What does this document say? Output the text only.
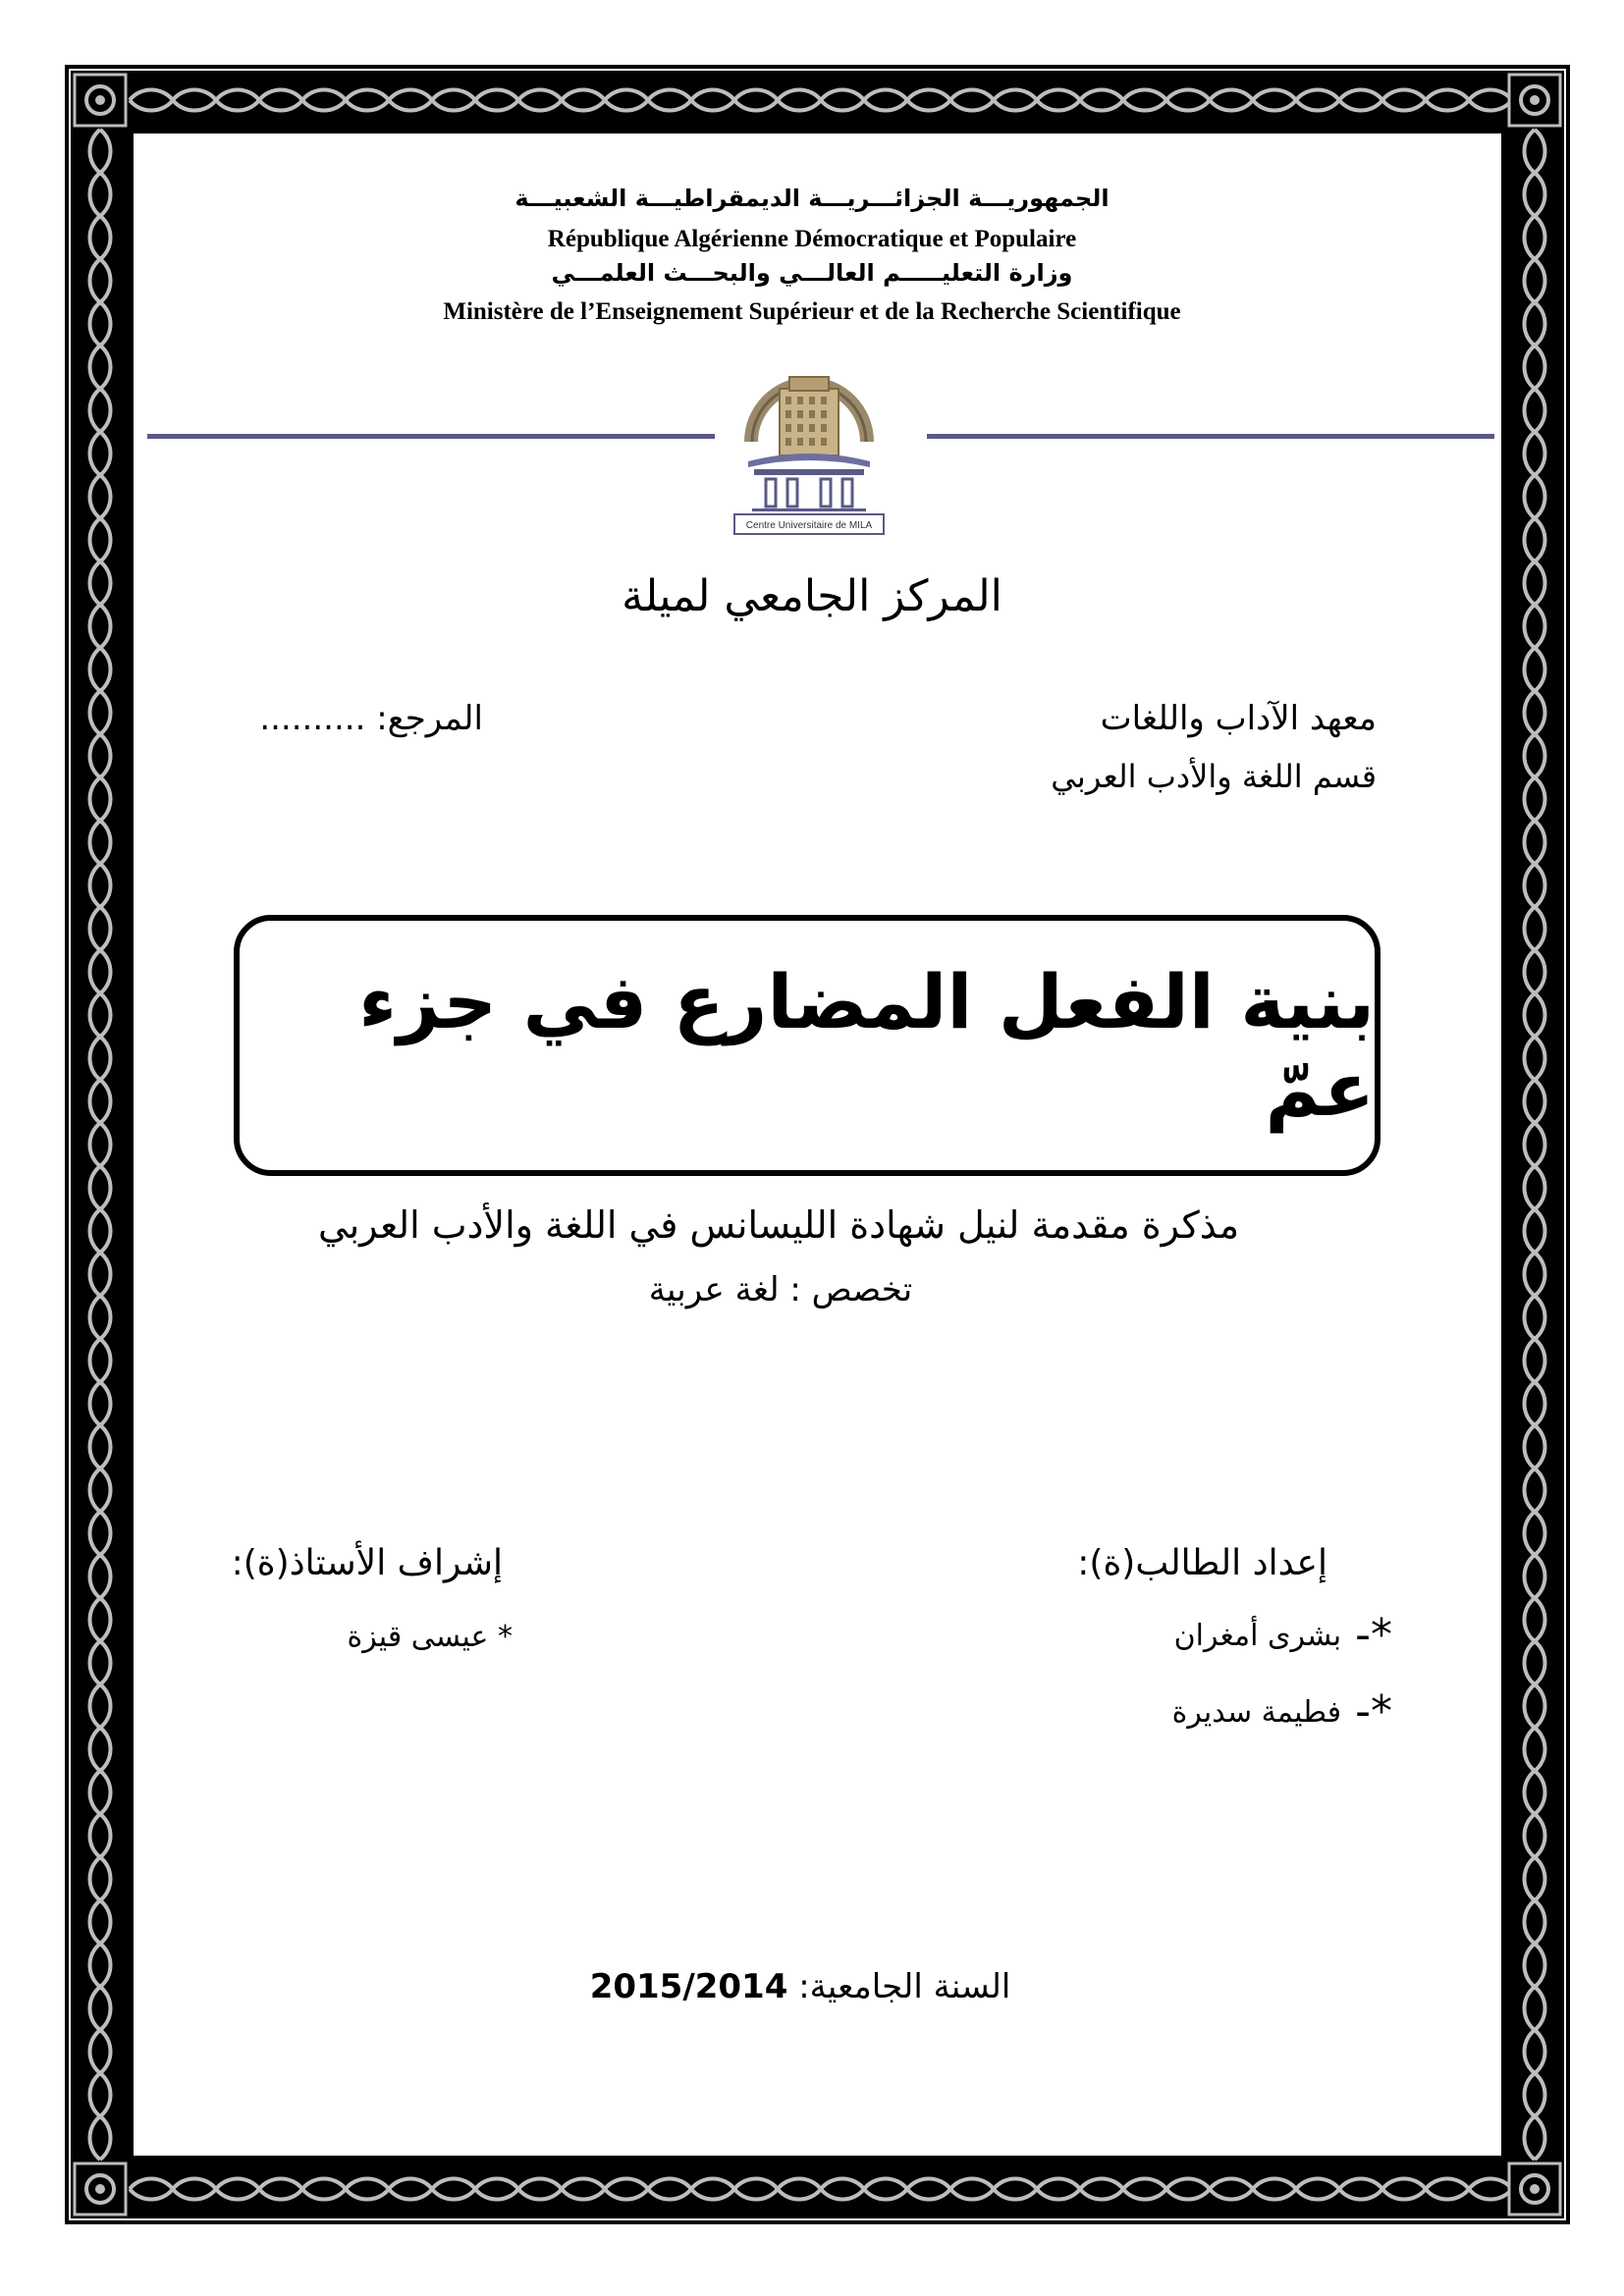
الجمهوريـــة الجزائـــريـــة الديمقراطيـــة الشعبيـــة
République Algérienne Démocratique et Populaire
وزارة التعليـــــم العالـــي والبحـــث العلمـــي
Ministère de l’Enseignement Supérieur et de la Recherche Scientifique
Centre Universitaire de MILA
المركز الجامعي لميلة
معهد الآداب واللغات
قسم اللغة والأدب العربي
المرجع: ..........
بنية الفعل المضارع في جزء عمّ
مذكرة مقدمة لنيل شهادة الليسانس في اللغة والأدب العربي
تخصص : لغة عربية
إعداد الطالب(ة):
إشراف الأستاذ(ة):
*-
بشرى أمغران
*-
فطيمة سديرة
* عيسى قيزة
السنة الجامعية: 2015/2014
